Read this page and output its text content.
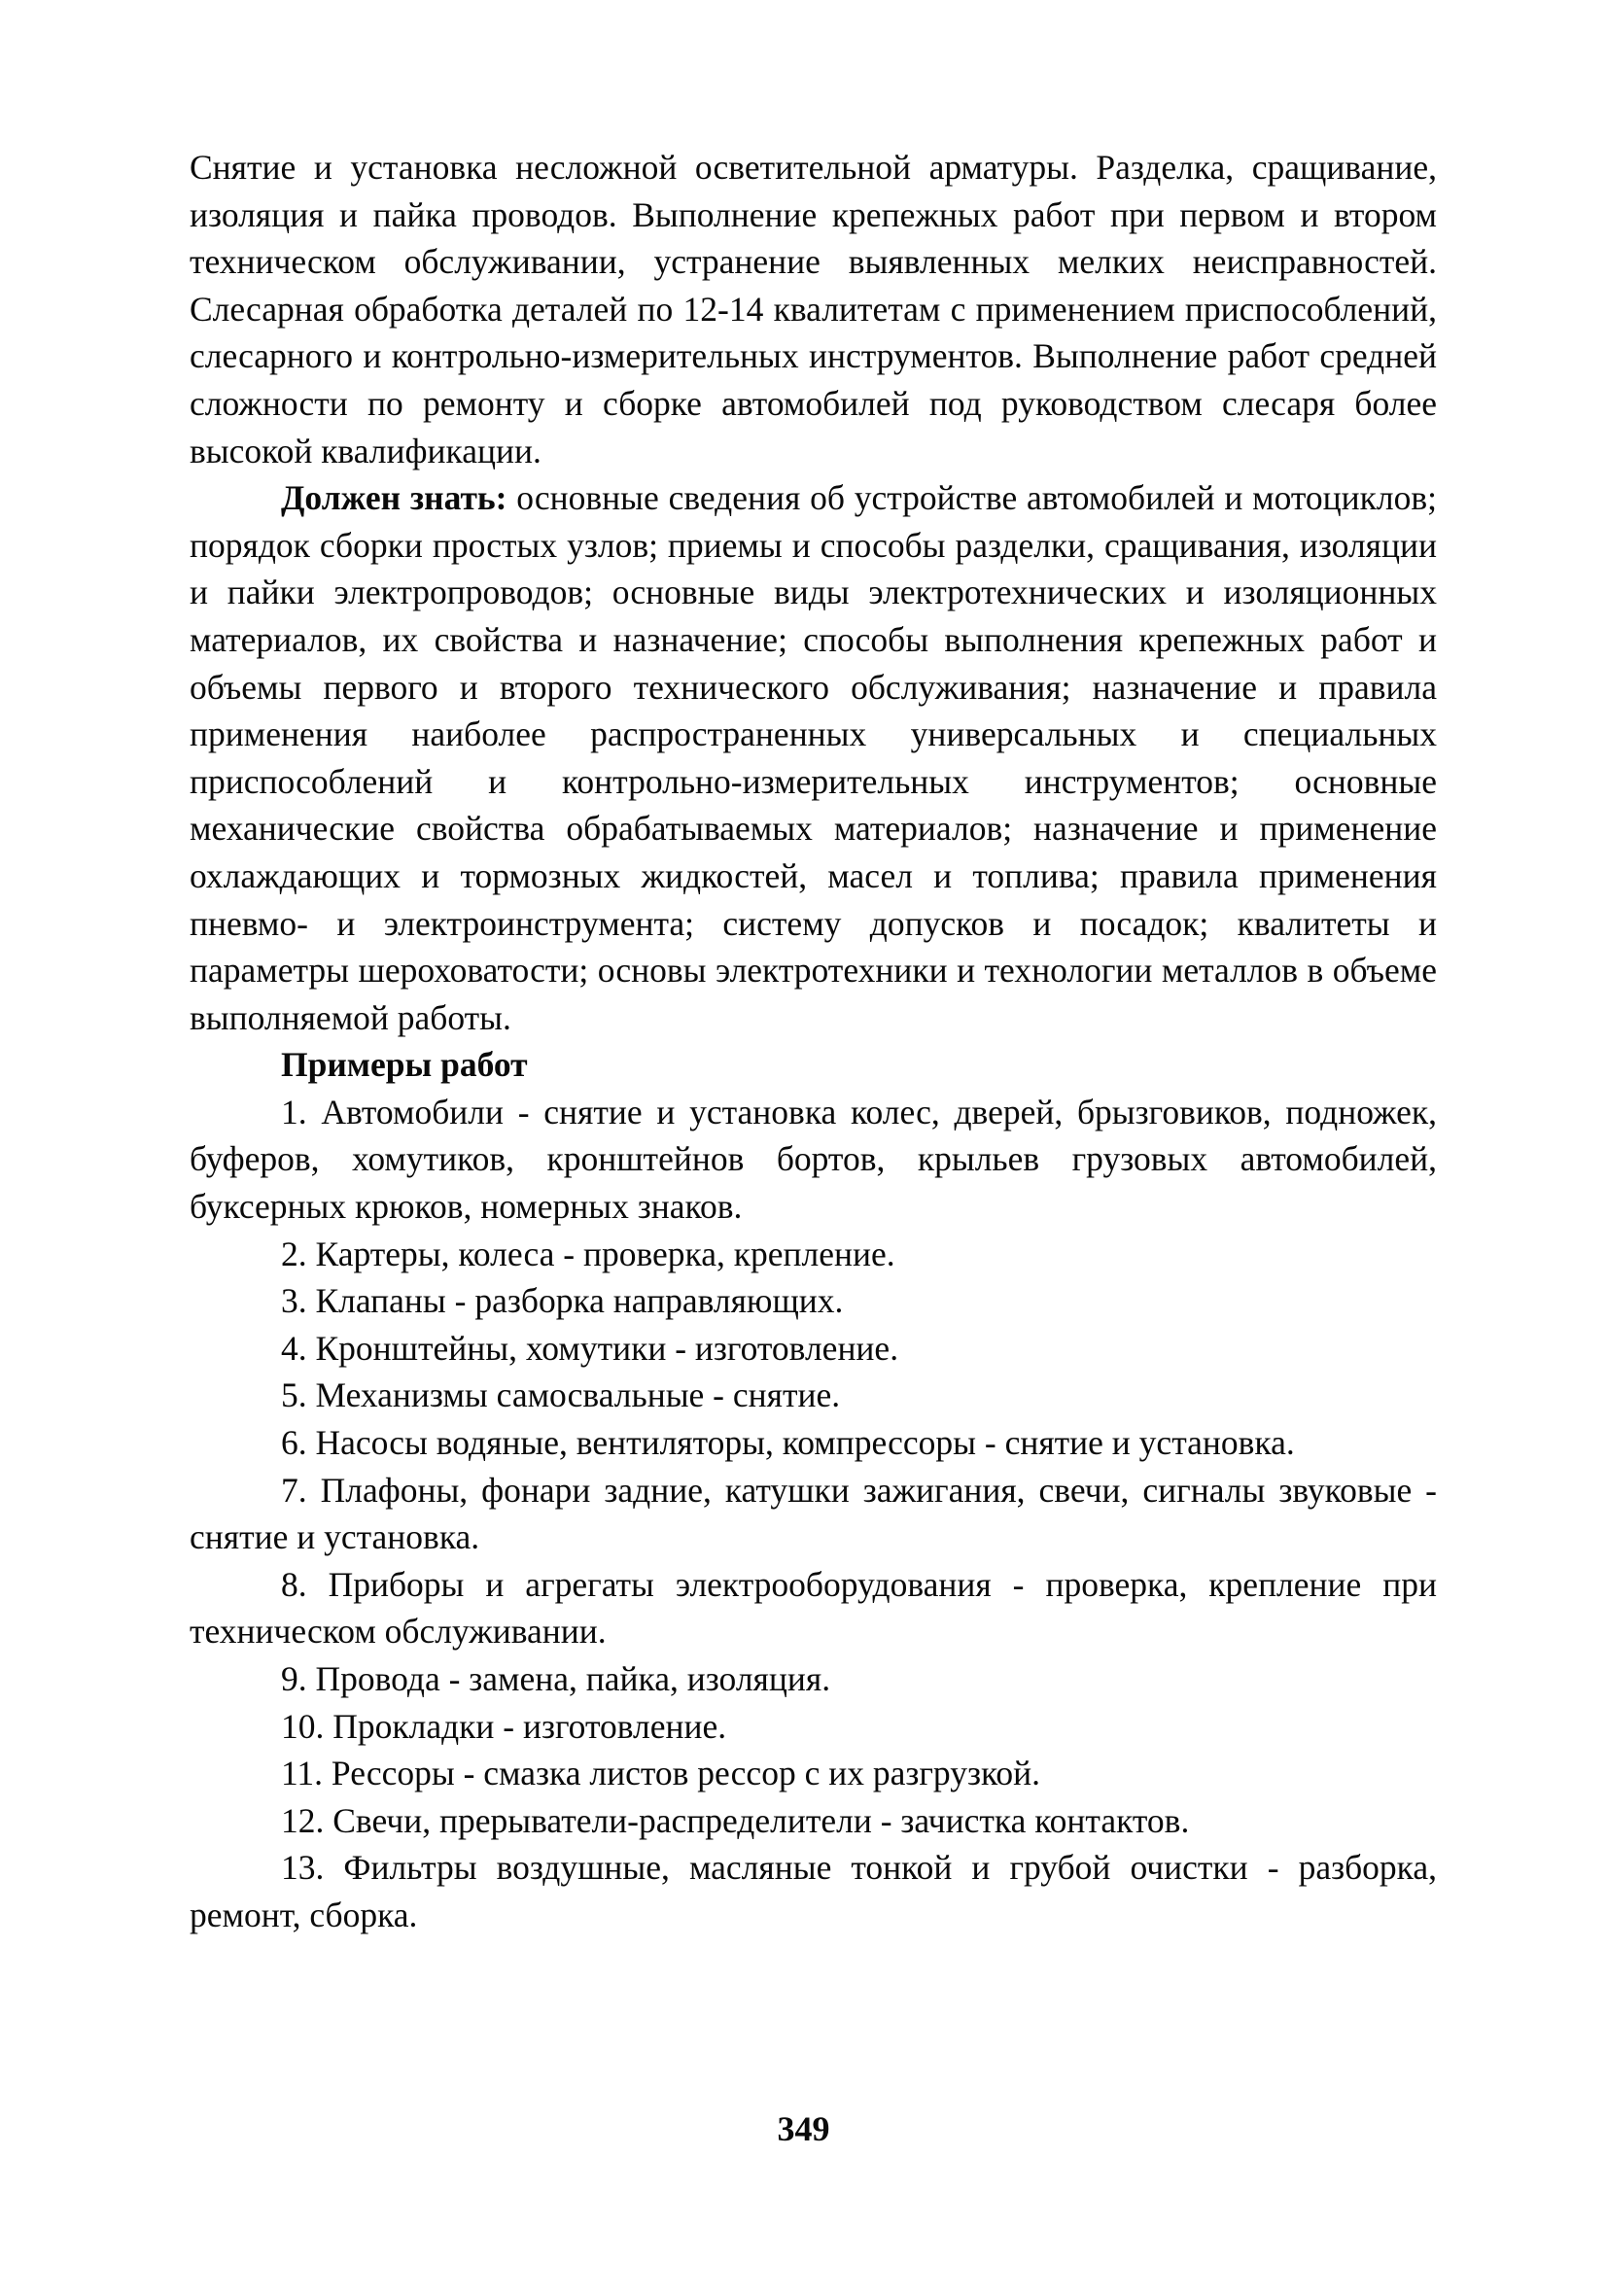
Снятие и установка несложной осветительной арматуры. Разделка, сращивание, изоляция и пайка проводов. Выполнение крепежных работ при первом и втором техническом обслуживании, устранение выявленных мелких неисправностей. Слесарная обработка деталей по 12-14 квалитетам с применением приспособлений, слесарного и контрольно-измерительных инструментов. Выполнение работ средней сложности по ремонту и сборке автомобилей под руководством слесаря более высокой квалификации.

Должен знать: основные сведения об устройстве автомобилей и мотоциклов; порядок сборки простых узлов; приемы и способы разделки, сращивания, изоляции и пайки электропроводов; основные виды электротехнических и изоляционных материалов, их свойства и назначение; способы выполнения крепежных работ и объемы первого и второго технического обслуживания; назначение и правила применения наиболее распространенных универсальных и специальных приспособлений и контрольно-измерительных инструментов; основные механические свойства обрабатываемых материалов; назначение и применение охлаждающих и тормозных жидкостей, масел и топлива; правила применения пневмо- и электроинструмента; систему допусков и посадок; квалитеты и параметры шероховатости; основы электротехники и технологии металлов в объеме выполняемой работы.

Примеры работ

1. Автомобили - снятие и установка колес, дверей, брызговиков, подножек, буферов, хомутиков, кронштейнов бортов, крыльев грузовых автомобилей, буксерных крюков, номерных знаков.

2. Картеры, колеса - проверка, крепление.

3. Клапаны - разборка направляющих.

4. Кронштейны, хомутики - изготовление.

5. Механизмы самосвальные - снятие.

6. Насосы водяные, вентиляторы, компрессоры - снятие и установка.

7. Плафоны, фонари задние, катушки зажигания, свечи, сигналы звуковые - снятие и установка.

8. Приборы и агрегаты электрооборудования - проверка, крепление при техническом обслуживании.

9. Провода - замена, пайка, изоляция.

10. Прокладки - изготовление.

11. Рессоры - смазка листов рессор с их разгрузкой.

12. Свечи, прерыватели-распределители - зачистка контактов.

13. Фильтры воздушные, масляные тонкой и грубой очистки - разборка, ремонт, сборка.

349
